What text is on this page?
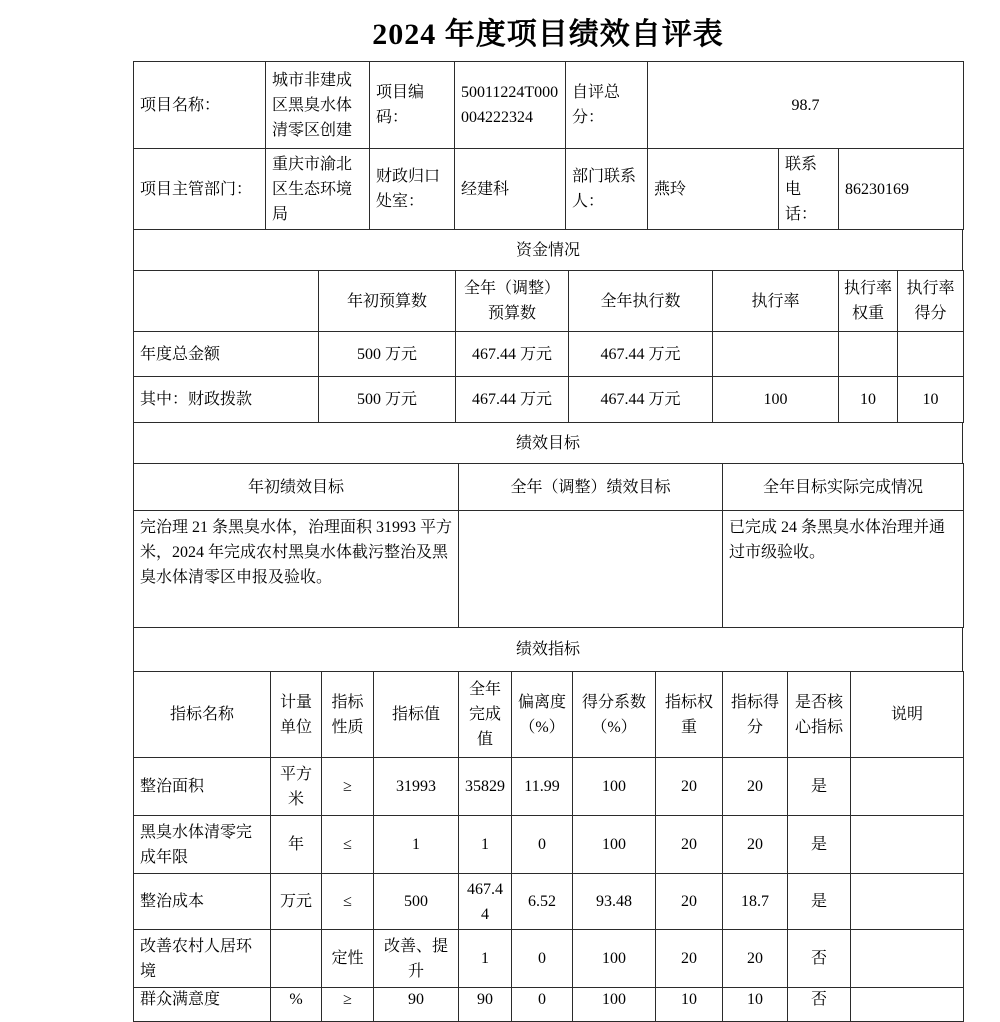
2024 年度项目绩效自评表
项目名称：	城市非建成区黑臭水体清零区创建	项目编码：	50011224T000004222324	自评总分：	98.7		
项目主管部门：	重庆市渝北区生态环境局	财政归口处室：	经建科	部门联系人：	燕玲	联系电话：	86230169
资金情况
	年初预算数	全年（调整）预算数	全年执行数	执行率	执行率权重	执行率得分
年度总金额	500 万元	467.44 万元	467.44 万元			
其中：财政拨款	500 万元	467.44 万元	467.44 万元	100	10	10
绩效目标
年初绩效目标	全年（调整）绩效目标	全年目标实际完成情况
完治理 21 条黑臭水体，治理面积 31993 平方米，2024 年完成农村黑臭水体截污整治及黑臭水体清零区申报及验收。		已完成 24 条黑臭水体治理并通过市级验收。
绩效指标
指标名称	计量单位	指标性质	指标值	全年完成值	偏离度（%）	得分系数（%）	指标权重	指标得分	是否核心指标	说明
整治面积	平方米	≥	31993	35829	11.99	100	20	20	是	
黑臭水体清零完成年限	年	≤	1	1	0	100	20	20	是	
整治成本	万元	≤	500	467.44	6.52	93.48	20	18.7	是	
改善农村人居环境		定性	改善、提升	1	0	100	20	20	否	
群众满意度	%	≥	90	90	0	100	10	10	否	
